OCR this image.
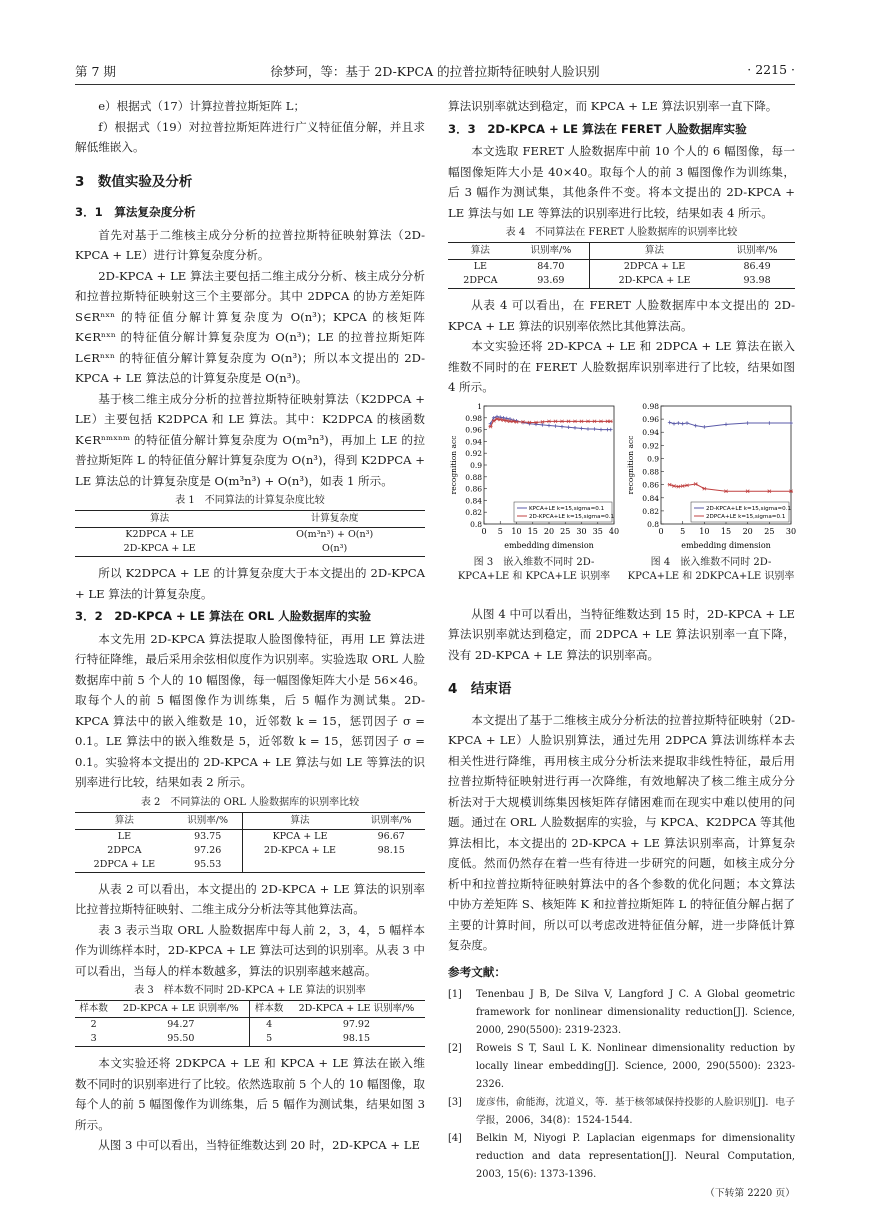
第 7 期	徐梦珂，等：基于 2D-KPCA 的拉普拉斯特征映射人脸识别	· 2215 ·

e）根据式（17）计算拉普拉斯矩阵 L；

f）根据式（19）对拉普拉斯矩阵进行广义特征值分解，并且求解低维嵌入。

3　数值实验及分析
3．1　算法复杂度分析

首先对基于二维核主成分分析的拉普拉斯特征映射算法（2D-KPCA + LE）进行计算复杂度分析。

2D-KPCA + LE 算法主要包括二维主成分分析、核主成分分析和拉普拉斯特征映射这三个主要部分。其中 2DPCA 的协方差矩阵 S∈Rⁿˣⁿ 的特征值分解计算复杂度为 O(n³)；KPCA 的核矩阵 K∈Rⁿˣⁿ 的特征值分解计算复杂度为 O(n³)；LE 的拉普拉斯矩阵 L∈Rⁿˣⁿ 的特征值分解计算复杂度为 O(n³)；所以本文提出的 2D-KPCA + LE 算法总的计算复杂度是 O(n³)。

基于核二维主成分分析的拉普拉斯特征映射算法（K2DPCA + LE）主要包括 K2DPCA 和 LE 算法。其中：K2DPCA 的核函数 K∈Rⁿᵐˣⁿᵐ 的特征值分解计算复杂度为 O(m³n³)，再加上 LE 的拉普拉斯矩阵 L 的特征值分解计算复杂度为 O(n³)，得到 K2DPCA + LE 算法总的计算复杂度是 O(m³n³) + O(n³)，如表 1 所示。

表 1　不同算法的计算复杂度比较
算法	计算复杂度
K2DPCA + LE	O(m³n³) + O(n³)
2D-KPCA + LE	O(n³)

所以 K2DPCA + LE 的计算复杂度大于本文提出的 2D-KPCA + LE 算法的计算复杂度。

3．2　2D-KPCA + LE 算法在 ORL 人脸数据库的实验

本文先用 2D-KPCA 算法提取人脸图像特征，再用 LE 算法进行特征降维，最后采用余弦相似度作为识别率。实验选取 ORL 人脸数据库中前 5 个人的 10 幅图像，每一幅图像矩阵大小是 56×46。取每个人的前 5 幅图像作为训练集，后 5 幅作为测试集。2D-KPCA 算法中的嵌入维数是 10，近邻数 k = 15，惩罚因子 σ = 0.1。LE 算法中的嵌入维数是 5，近邻数 k = 15，惩罚因子 σ = 0.1。实验将本文提出的 2D-KPCA + LE 算法与如 LE 等算法的识别率进行比较，结果如表 2 所示。

表 2　不同算法的 ORL 人脸数据库的识别率比较
算法	识别率/%	算法	识别率/%
LE	93.75	KPCA + LE	96.67
2DPCA	97.26	2D-KPCA + LE	98.15
2DPCA + LE	95.53		

从表 2 可以看出，本文提出的 2D-KPCA + LE 算法的识别率比拉普拉斯特征映射、二维主成分分析法等其他算法高。

表 3 表示当取 ORL 人脸数据库中每人前 2，3，4，5 幅样本作为训练样本时，2D-KPCA + LE 算法可达到的识别率。从表 3 中可以看出，当每人的样本数越多，算法的识别率越来越高。

表 3　样本数不同时 2D-KPCA + LE 算法的识别率
样本数	2D-KPCA + LE 识别率/%	样本数	2D-KPCA + LE 识别率/%
2	94.27	4	97.92
3	95.50	5	98.15

本文实验还将 2DKPCA + LE 和 KPCA + LE 算法在嵌入维数不同时的识别率进行了比较。依然选取前 5 个人的 10 幅图像，取每个人的前 5 幅图像作为训练集，后 5 幅作为测试集，结果如图 3 所示。

从图 3 中可以看出，当特征维数达到 20 时，2D-KPCA + LE

算法识别率就达到稳定，而 KPCA + LE 算法识别率一直下降。

3．3　2D-KPCA + LE 算法在 FERET 人脸数据库实验

本文选取 FERET 人脸数据库中前 10 个人的 6 幅图像，每一幅图像矩阵大小是 40×40。取每个人的前 3 幅图像作为训练集，后 3 幅作为测试集，其他条件不变。将本文提出的 2D-KPCA + LE 算法与如 LE 等算法的识别率进行比较，结果如表 4 所示。

表 4　不同算法在 FERET 人脸数据库的识别率比较
算法	识别率/%	算法	识别率/%
LE	84.70	2DPCA + LE	86.49
2DPCA	93.69	2D-KPCA + LE	93.98

从表 4 可以看出，在 FERET 人脸数据库中本文提出的 2D-KPCA + LE 算法的识别率依然比其他算法高。

本文实验还将 2D-KPCA + LE 和 2DPCA + LE 算法在嵌入维数不同时的在 FERET 人脸数据库识别率进行了比较，结果如图 4 所示。

0.8
0.82
0.84
0.86
0.88
0.9
0.92
0.94
0.96
0.98
1
0 5 10 15 20 25 30 35 40
embedding dimension
recognition acc
KPCA+LE k=15,sigma=0.1
2D-KPCA+LE k=15,sigma=0.1
0.8
0.82
0.84
0.86
0.88
0.9
0.92
0.94
0.96
0.98
0 5 10 15 20 25 30
embedding dimension
recognition acc
2D-KPCA+LE k=15,sigma=0.1
2DPCA+LE k=15,sigma=0.1
图 3　嵌入维数不同时 2D-KPCA+LE 和 KPCA+LE 识别率
图 4　嵌入维数不同时 2D-KPCA+LE 和 2DKPCA+LE 识别率

从图 4 中可以看出，当特征维数达到 15 时，2D-KPCA + LE 算法识别率就达到稳定，而 2DPCA + LE 算法识别率一直下降，没有 2D-KPCA + LE 算法的识别率高。

4　结束语

本文提出了基于二维核主成分分析法的拉普拉斯特征映射（2D-KPCA + LE）人脸识别算法，通过先用 2DPCA 算法训练样本去相关性进行降维，再用核主成分分析法来提取非线性特征，最后用拉普拉斯特征映射进行再一次降维，有效地解决了核二维主成分分析法对于大规模训练集因核矩阵存储困难而在现实中难以使用的问题。通过在 ORL 人脸数据库的实验，与 KPCA、K2DPCA 等其他算法相比，本文提出的 2D-KPCA + LE 算法识别率高，计算复杂度低。然而仍然存在着一些有待进一步研究的问题，如核主成分分析中和拉普拉斯特征映射算法中的各个参数的优化问题；本文算法中协方差矩阵 S、核矩阵 K 和拉普拉斯矩阵 L 的特征值分解占据了主要的计算时间，所以可以考虑改进特征值分解，进一步降低计算复杂度。

参考文献：
[1] Tenenbau J B, De Silva V, Langford J C. A Global geometric framework for nonlinear dimensionality reduction[J]. Science, 2000, 290(5500): 2319-2323.
[2] Roweis S T, Saul L K. Nonlinear dimensionality reduction by locally linear embedding[J]. Science, 2000, 290(5500): 2323-2326.
[3] 庞彦伟，俞能海，沈道义，等．基于核邻域保持投影的人脸识别[J]．电子学报，2006，34(8)：1524-1544.
[4] Belkin M, Niyogi P. Laplacian eigenmaps for dimensionality reduction and data representation[J]. Neural Computation, 2003, 15(6): 1373-1396.
（下转第 2220 页）
